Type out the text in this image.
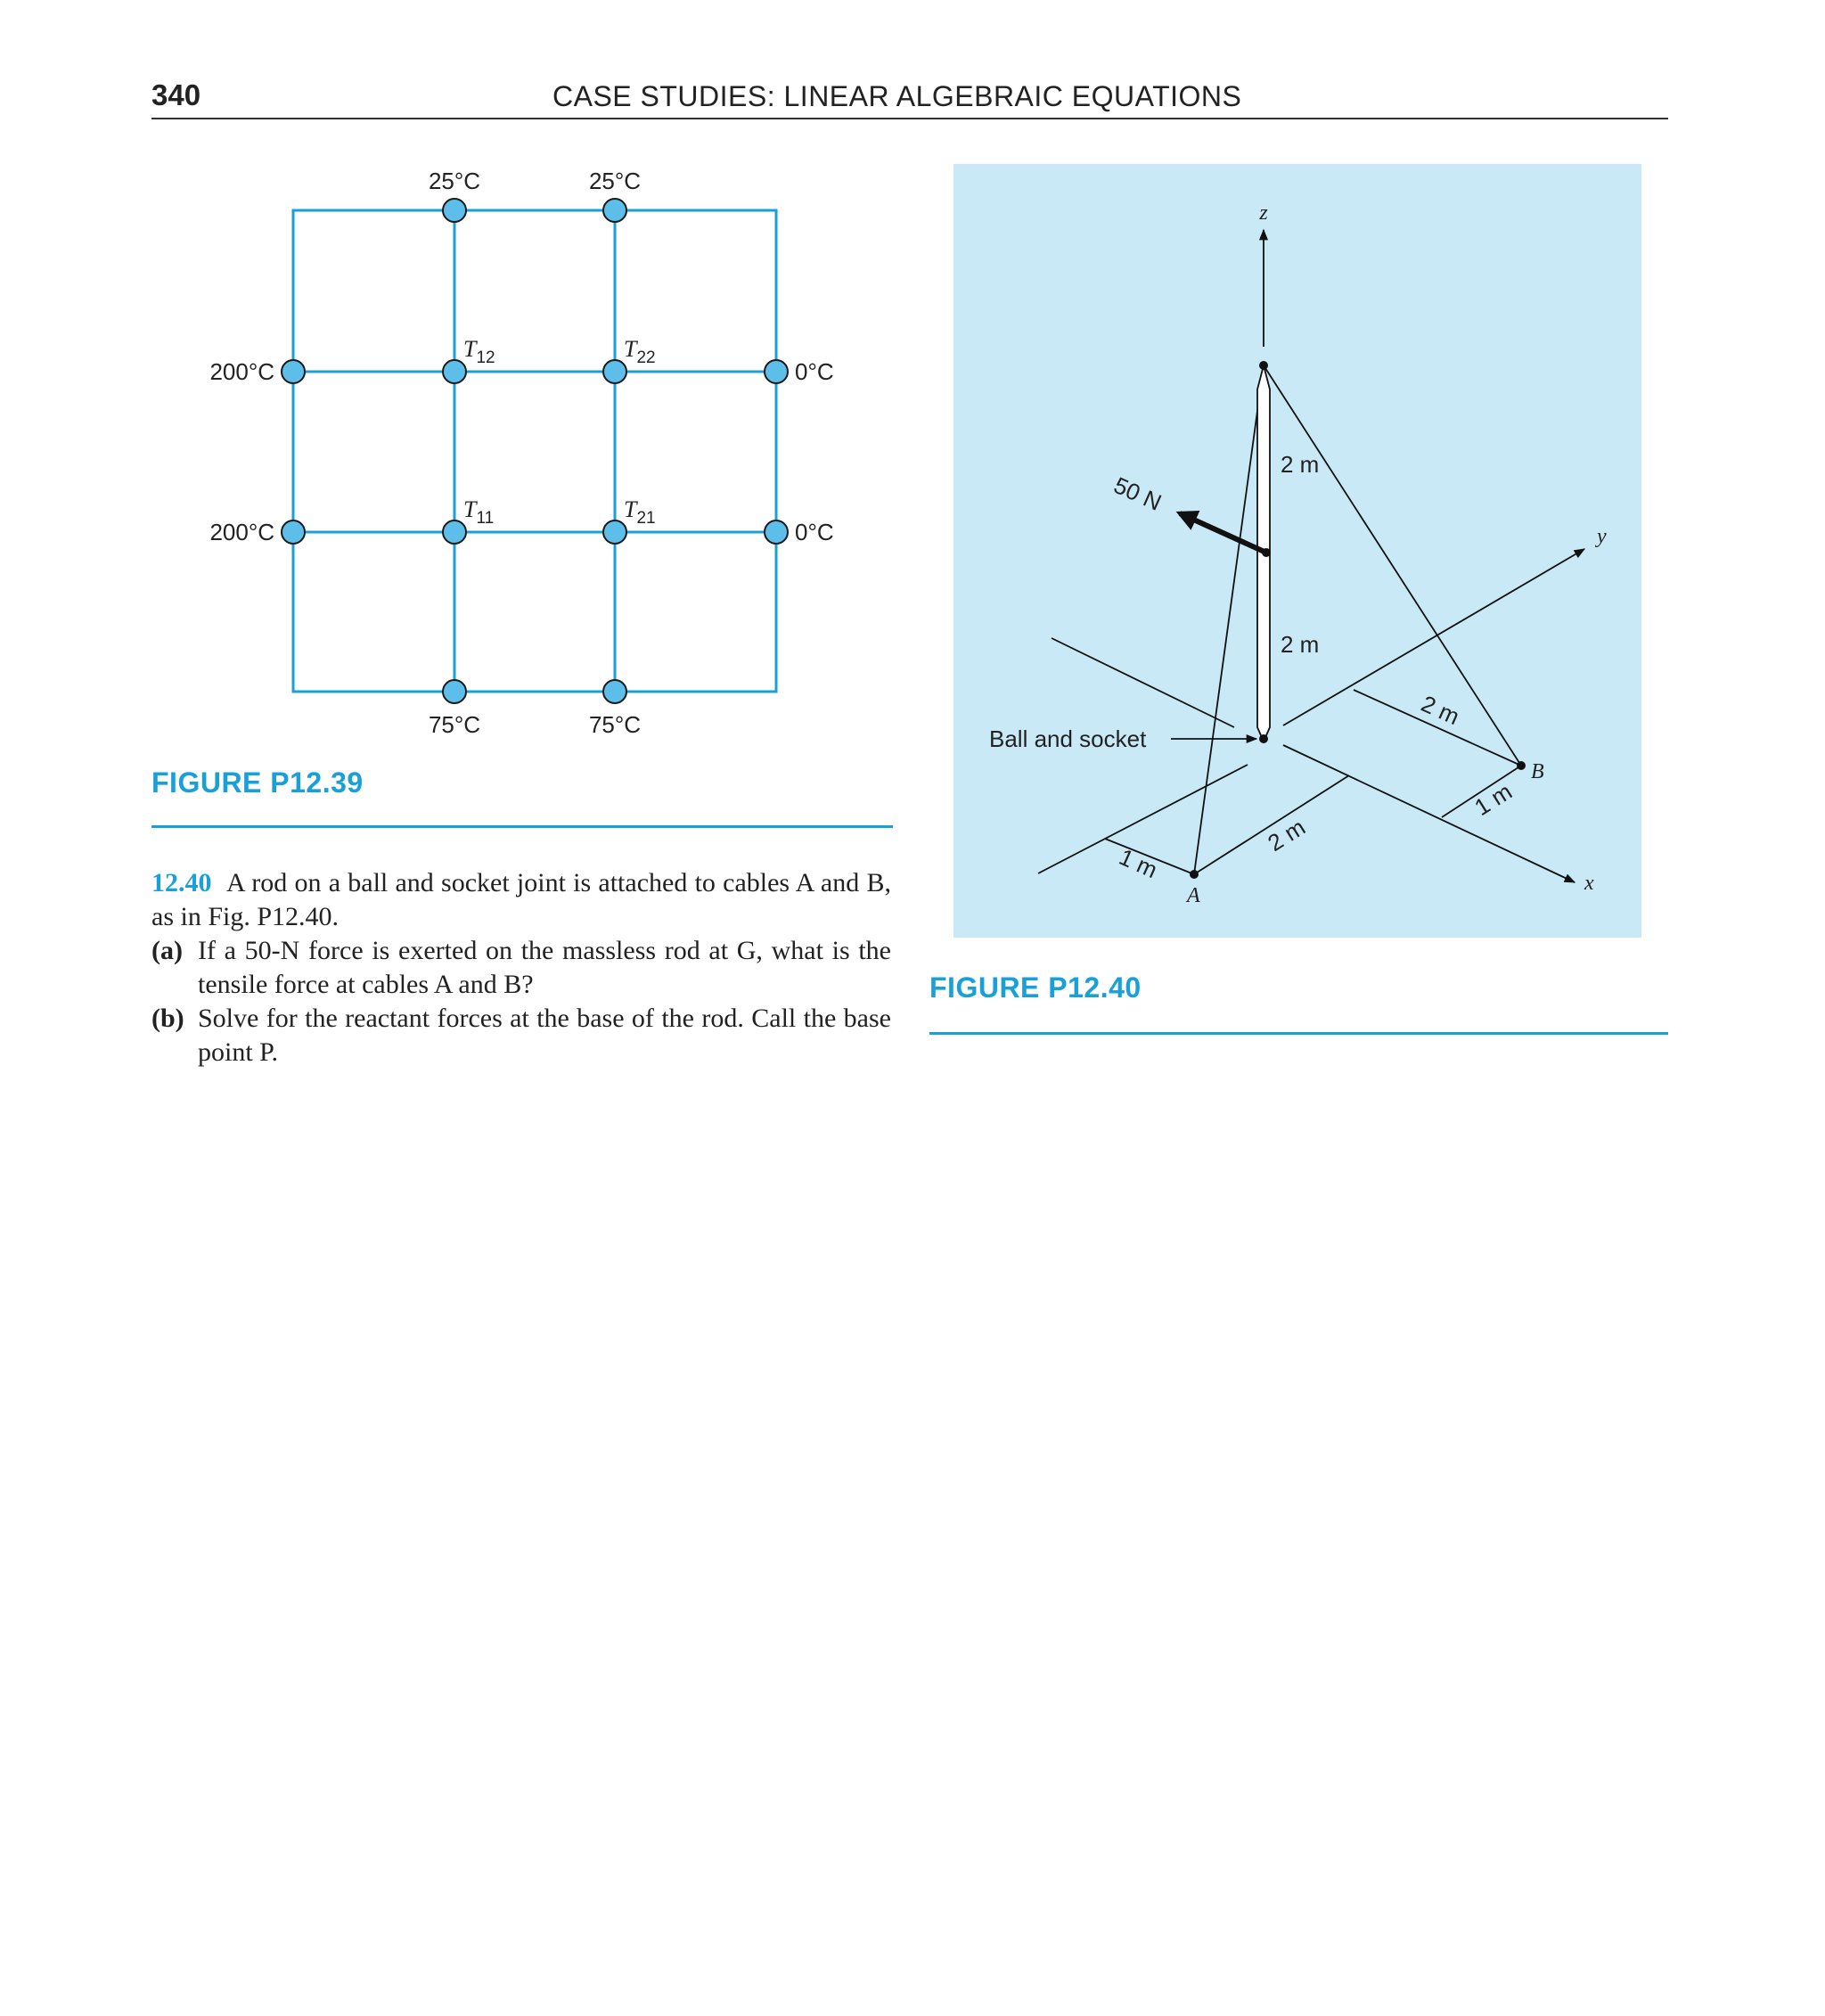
340	CASE STUDIES: LINEAR ALGEBRAIC EQUATIONS
25°C	25°C
200°C
200°C
0°C
0°C
75°C	75°C
T12	T22
T11	T21
FIGURE P12.39

12.40 A rod on a ball and socket joint is attached to cables A and B, as in Fig. P12.40.

(a) If a 50-N force is exerted on the massless rod at G, what is the tensile force at cables A and B?
(b) Solve for the reactant forces at the base of the rod. Call the base point P.
z
y
x
A
B
2 m
2 m
Ball and socket
50 N
2 m
2 m
1 m
1 m
FIGURE P12.40
